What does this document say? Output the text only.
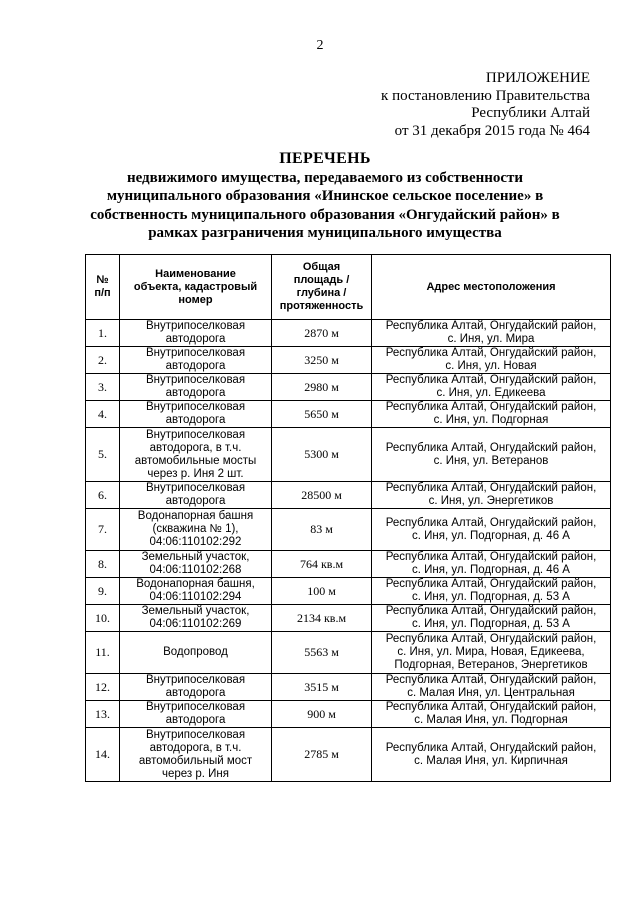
2
ПРИЛОЖЕНИЕ
к постановлению Правительства
Республики Алтай
от 31 декабря 2015 года № 464
ПЕРЕЧЕНЬ
недвижимого имущества, передаваемого из собственности
муниципального образования «Ининское сельское поселение» в
собственность муниципального образования «Онгудайский район» в
рамках разграничения муниципального имущества
№
п/п	Наименование
объекта, кадастровый
номер	Общая
площадь /
глубина /
протяженность	Адрес местоположения
1.	Внутрипоселковая
автодорога	2870 м	Республика Алтай, Онгудайский район,
с. Иня, ул. Мира
2.	Внутрипоселковая
автодорога	3250 м	Республика Алтай, Онгудайский район,
с. Иня, ул. Новая
3.	Внутрипоселковая
автодорога	2980 м	Республика Алтай, Онгудайский район,
с. Иня, ул. Едикеева
4.	Внутрипоселковая
автодорога	5650 м	Республика Алтай, Онгудайский район,
с. Иня, ул. Подгорная
5.	Внутрипоселковая
автодорога, в т.ч.
автомобильные мосты
через р. Иня 2 шт.	5300 м	Республика Алтай, Онгудайский район,
с. Иня, ул. Ветеранов
6.	Внутрипоселковая
автодорога	28500 м	Республика Алтай, Онгудайский район,
с. Иня, ул. Энергетиков
7.	Водонапорная башня
(скважина № 1),
04:06:110102:292	83 м	Республика Алтай, Онгудайский район,
с. Иня, ул. Подгорная, д. 46 А
8.	Земельный участок,
04:06:110102:268	764 кв.м	Республика Алтай, Онгудайский район,
с. Иня, ул. Подгорная, д. 46 А
9.	Водонапорная башня,
04:06:110102:294	100 м	Республика Алтай, Онгудайский район,
с. Иня, ул. Подгорная, д. 53 А
10.	Земельный участок,
04:06:110102:269	2134 кв.м	Республика Алтай, Онгудайский район,
с. Иня, ул. Подгорная, д. 53 А
11.	Водопровод	5563 м	Республика Алтай, Онгудайский район,
с. Иня, ул. Мира, Новая, Едикеева,
Подгорная, Ветеранов, Энергетиков
12.	Внутрипоселковая
автодорога	3515 м	Республика Алтай, Онгудайский район,
с. Малая Иня, ул. Центральная
13.	Внутрипоселковая
автодорога	900 м	Республика Алтай, Онгудайский район,
с. Малая Иня, ул. Подгорная
14.	Внутрипоселковая
автодорога, в т.ч.
автомобильный мост
через р. Иня	2785 м	Республика Алтай, Онгудайский район,
с. Малая Иня, ул. Кирпичная
